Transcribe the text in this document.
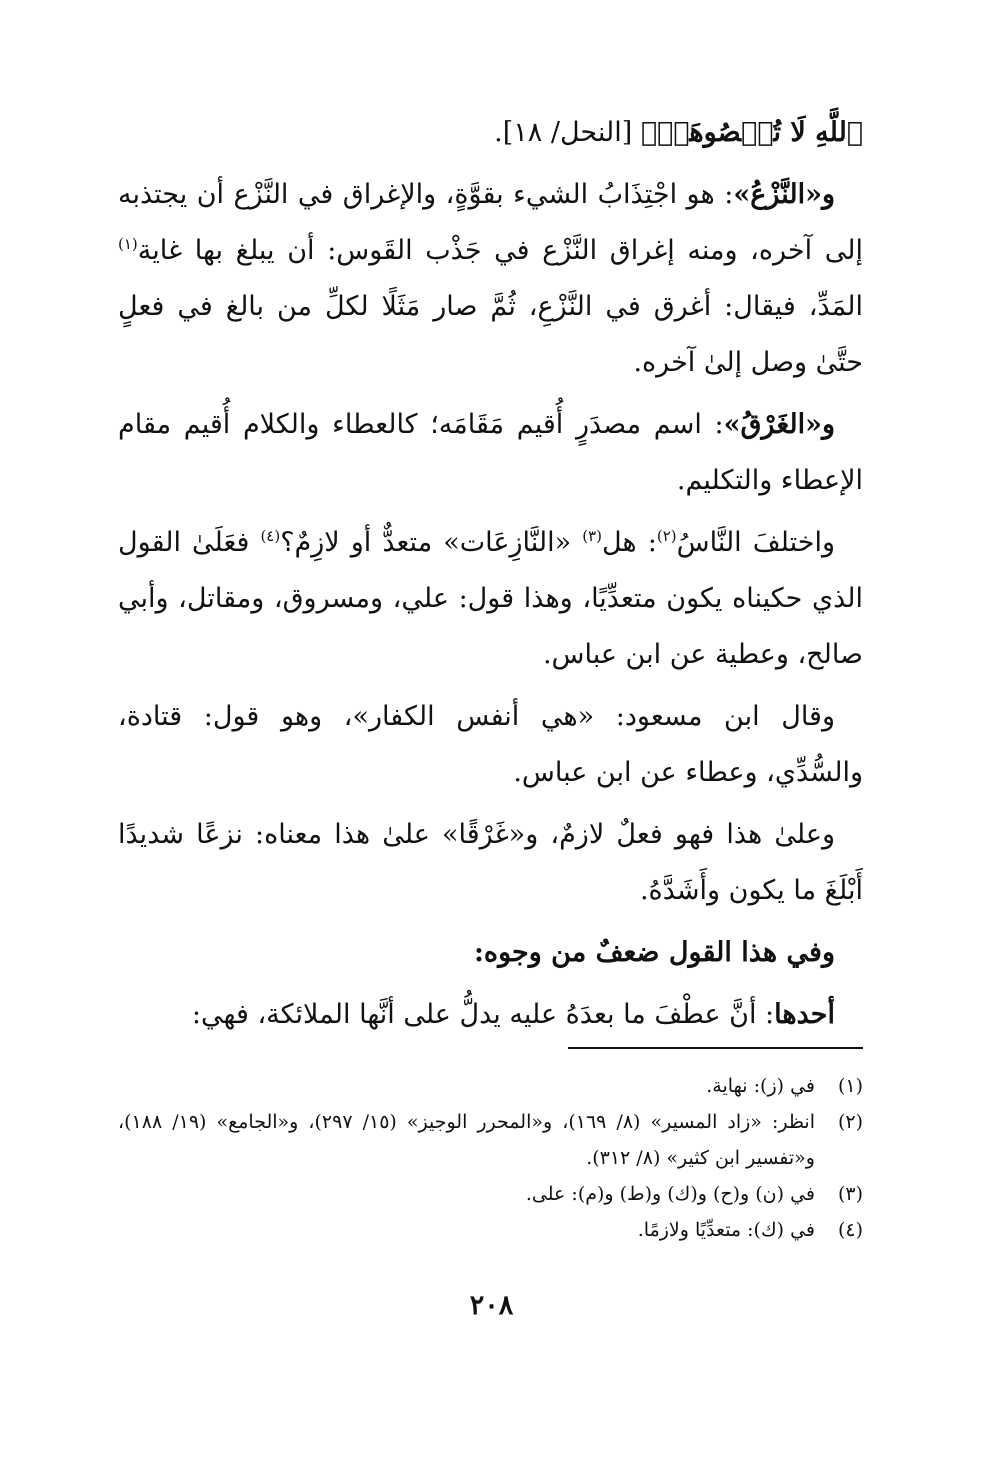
ٱللَّهِ لَا تُحۡصُوهَآۗ﴾ [النحل/ ١٨].

و«النَّزْعُ»: هو اجْتِذَابُ الشيء بقوَّةٍ، والإغراق في النَّزْع أن يجتذبه إلى آخره، ومنه إغراق النَّزْع في جَذْب القَوس: أن يبلغ بها غاية$^{(١)}$ المَدِّ، فيقال: أغرق في النَّزْعِ، ثُمَّ صار مَثَلًا لكلِّ من بالغ في فعلٍ حتَّىٰ وصل إلىٰ آخره.

و«الغَرْقُ»: اسم مصدَرٍ أُقيم مَقَامَه؛ كالعطاء والكلام أُقيم مقام الإعطاء والتكليم.

واختلفَ النَّاسُ$^{(٢)}$: هل$^{(٣)}$ «النَّازِعَات» متعدٌّ أو لازِمٌ؟$^{(٤)}$ فعَلَىٰ القول الذي حكيناه يكون متعدِّيًا، وهذا قول: علي، ومسروق، ومقاتل، وأبي صالح، وعطية عن ابن عباس.

وقال ابن مسعود: «هي أنفس الكفار»، وهو قول: قتادة، والسُّدِّي، وعطاء عن ابن عباس.

وعلىٰ هذا فهو فعلٌ لازمٌ، و«غَرْقًا» علىٰ هذا معناه: نزعًا شديدًا أَبْلَغَ ما يكون وأَشَدَّهُ.

وفي هذا القول ضعفٌ من وجوه:

أحدها: أنَّ عطْفَ ما بعدَهُ عليه يدلُّ على أنَّها الملائكة، فهي:

(١)
في (ز): نهاية.
(٢)
انظر: «زاد المسير» (٨/ ١٦٩)، و«المحرر الوجيز» (١٥/ ٢٩٧)، و«الجامع» (١٩/ ١٨٨)، و«تفسير ابن كثير» (٨/ ٣١٢).
(٣)
في (ن) و(ح) و(ك) و(ط) و(م): على.
(٤)
في (ك): متعدِّيًا ولازمًا.
٢٠٨
